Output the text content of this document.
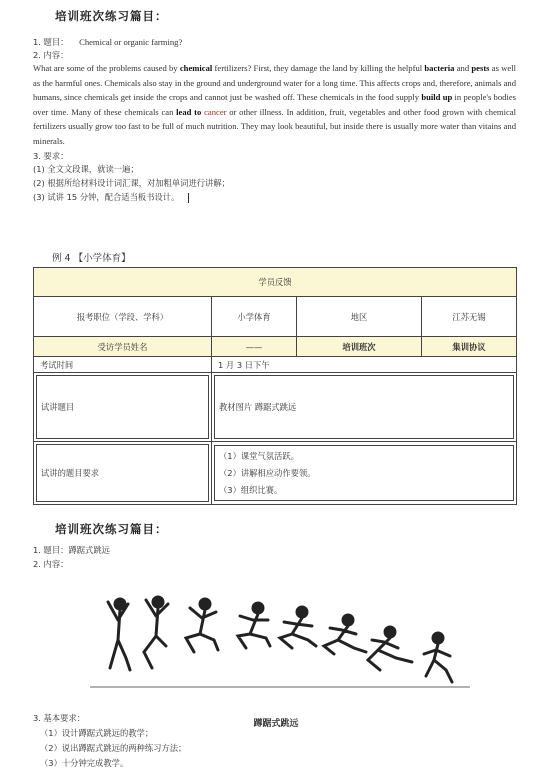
培训班次练习篇目：
1. 题目： Chemical or organic farming?
2. 内容：
What are some of the problems caused by chemical fertilizers? First, they damage the land by killing the helpful bacteria and pests as well as the harmful ones. Chemicals also stay in the ground and underground water for a long time. This affects crops and, therefore, animals and humans, since chemicals get inside the crops and cannot just be washed off. These chemicals in the food supply build up in people's bodies over time. Many of these chemicals can lead to cancer or other illness. In addition, fruit, vegetables and other food grown with chemical fertilizers usually grow too fast to be full of much nutrition. They may look beautiful, but inside there is usually more water than vitains and minerals.
3. 要求：
(1) 全文文段课，就读一遍；
(2) 根据所给材料设计词汇课，对加粗单词进行讲解；
(3) 试讲 15 分钟，配合适当板书设计。
例 4 【小学体育】
学员反馈			
报考职位（学段、学科）	小学体育	地区	江苏无锡
受访学员姓名	——	培训班次	集训协议
考试时间	1 月 3 日下午		

试讲题目	教材图片 蹲踞式跳远		

试讲的题目要求	（1）课堂气氛活跃。
（2）讲解相应动作要领。
（3）组织比赛。		
培训班次练习篇目：
1. 题目：蹲踞式跳远
2. 内容：
蹲踞式跳远
3. 基本要求：
（1）设计蹲踞式跳远的教学；
（2）说出蹲踞式跳远的两种练习方法；
（3）十分钟完成教学。
